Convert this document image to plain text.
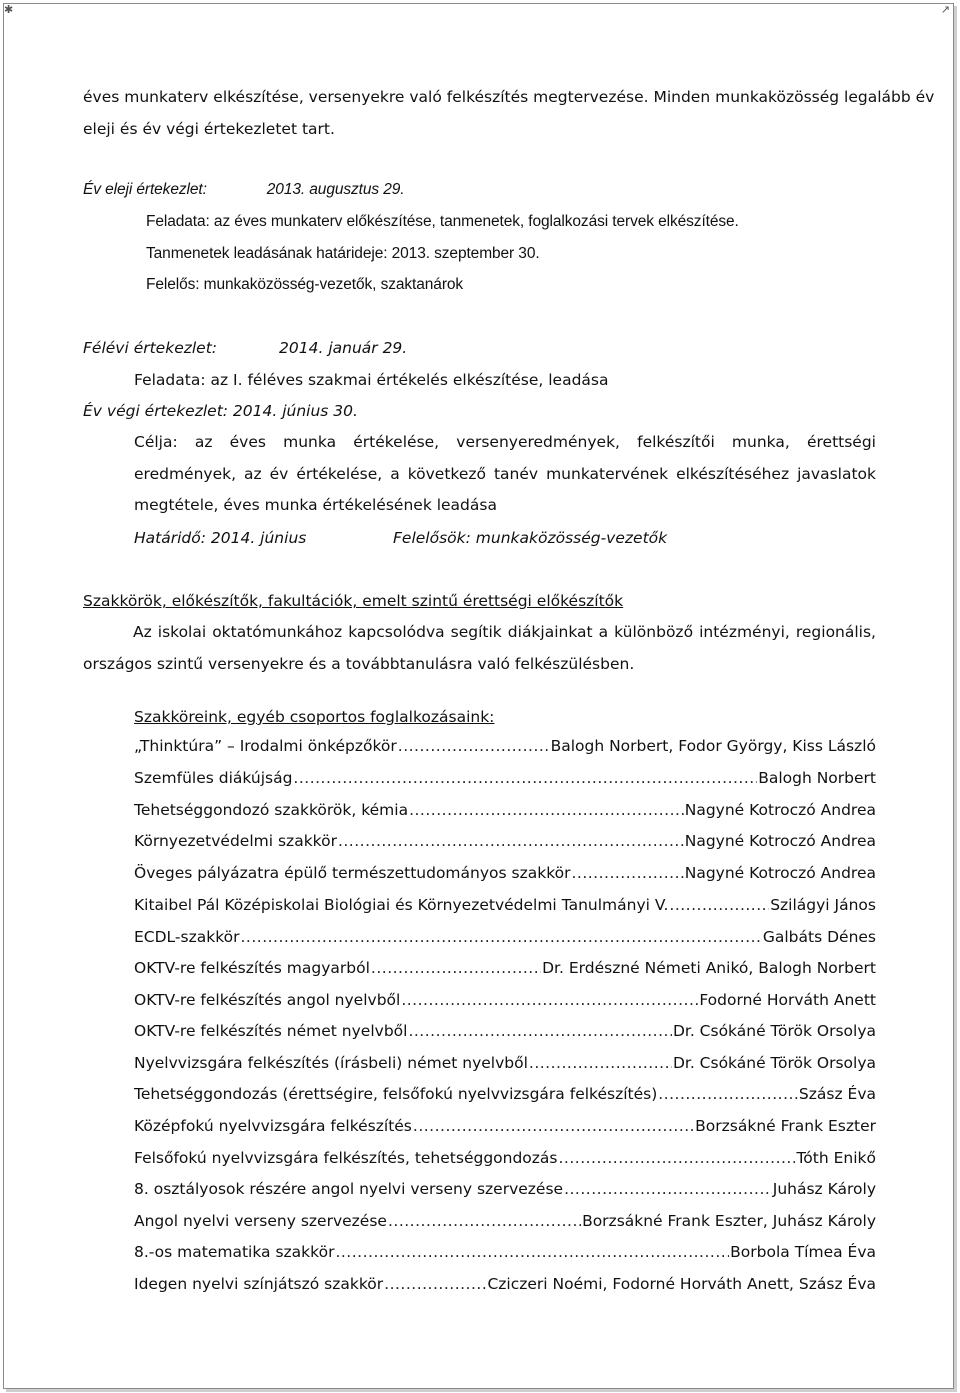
✱	↗
éves munkaterv elkészítése, versenyekre való felkészítés megtervezése. Minden munkaközösség legalább év
eleji és év végi értekezletet tart.
Év eleji értekezlet:	2013. augusztus 29.
Feladata: az éves munkaterv előkészítése, tanmenetek, foglalkozási tervek elkészítése.
Tanmenetek leadásának határideje: 2013. szeptember 30.
Felelős: munkaközösség-vezetők, szaktanárok
Félévi értekezlet:	2014. január 29.
Feladata: az I. féléves szakmai értékelés elkészítése, leadása
Év végi értekezlet: 2014. június 30.
Célja: az éves munka értékelése, versenyeredmények, felkészítői munka, érettségi eredmények, az év értékelése, a következő tanév munkatervének elkészítéséhez javaslatok megtétele, éves munka értékelésének leadása
Határidő: 2014. június	Felelősök: munkaközösség-vezetők
Szakkörök, előkészítők, fakultációk, emelt szintű érettségi előkészítők
Az iskolai oktatómunkához kapcsolódva segítik diákjainkat a különböző intézményi, regionális, országos szintű versenyekre és a továbbtanulásra való felkészülésben.
Szakköreink, egyéb csoportos foglalkozásaink:
„Thinktúra” – Irodalmi önképzőkör .....	Balogh Norbert, Fodor György, Kiss László
Szemfüles diákújság .....	Balogh Norbert
Tehetséggondozó szakkörök, kémia .....	Nagyné Kotroczó Andrea
Környezetvédelmi szakkör .....	Nagyné Kotroczó Andrea
Öveges pályázatra épülő természettudományos szakkör .....	Nagyné Kotroczó Andrea
Kitaibel Pál Középiskolai Biológiai és Környezetvédelmi Tanulmányi V. .....	Szilágyi János
ECDL-szakkör .....	Galbáts Dénes
OKTV-re felkészítés magyarból .....	Dr. Erdészné Németi Anikó, Balogh Norbert
OKTV-re felkészítés angol nyelvből .....	Fodorné Horváth Anett
OKTV-re felkészítés német nyelvből .....	Dr. Csókáné Török Orsolya
Nyelvvizsgára felkészítés (írásbeli) német nyelvből .....	Dr. Csókáné Török Orsolya
Tehetséggondozás (érettségire, felsőfokú nyelvvizsgára felkészítés) .....	Szász Éva
Középfokú nyelvvizsgára felkészítés .....	Borzsákné Frank Eszter
Felsőfokú nyelvvizsgára felkészítés, tehetséggondozás .....	Tóth Enikő
8. osztályosok részére angol nyelvi verseny szervezése .....	Juhász Károly
Angol nyelvi verseny szervezése .....	Borzsákné Frank Eszter, Juhász Károly
8.-os matematika szakkör .....	Borbola Tímea Éva
Idegen nyelvi színjátszó szakkör .....	Cziczeri Noémi, Fodorné Horváth Anett, Szász Éva
